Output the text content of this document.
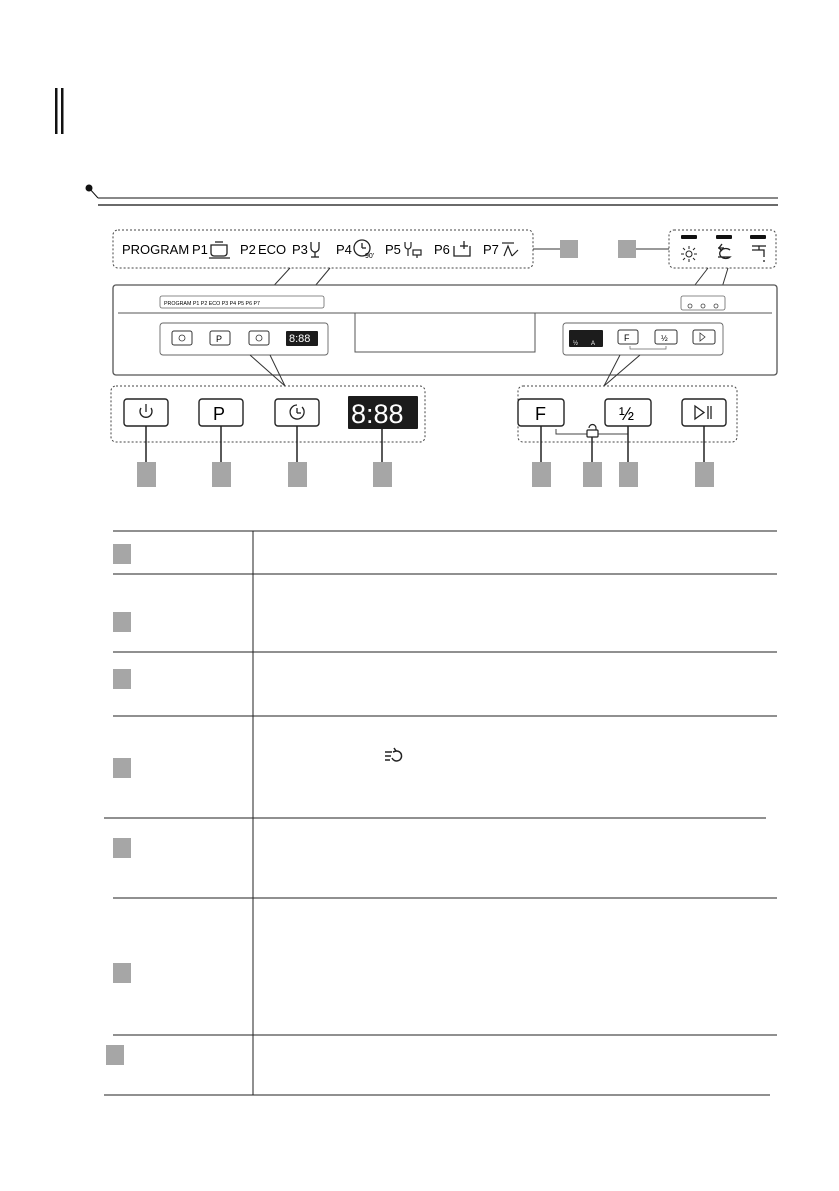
PROGRAM P1 P2 ECO P3 P4 90' P5	P6	P7
PROGRAM P1 P2 ECO P3 P4 P5 P6 P7
P	8:88	½ A
F	½
P	8:88	F	½
